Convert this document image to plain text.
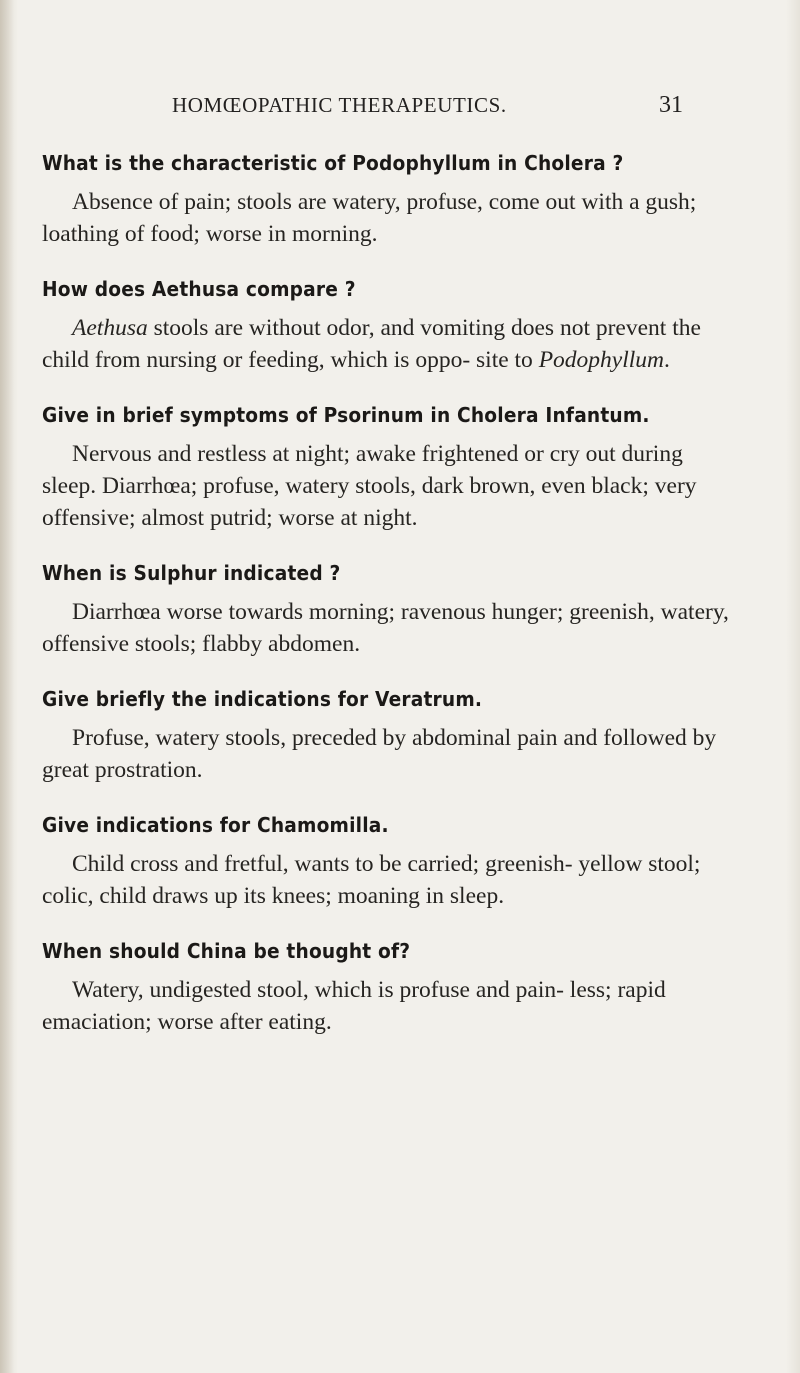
HOMŒOPATHIC THERAPEUTICS.	31
What is the characteristic of Podophyllum in Cholera ?

Absence of pain; stools are watery, profuse, come out with a gush; loathing of food; worse in morning.

How does Aethusa compare ?

Aethusa stools are without odor, and vomiting does not prevent the child from nursing or feeding, which is oppo- site to Podophyllum.

Give in brief symptoms of Psorinum in Cholera Infantum.

Nervous and restless at night; awake frightened or cry out during sleep. Diarrhœa; profuse, watery stools, dark brown, even black; very offensive; almost putrid; worse at night.

When is Sulphur indicated ?

Diarrhœa worse towards morning; ravenous hunger; greenish, watery, offensive stools; flabby abdomen.

Give briefly the indications for Veratrum.

Profuse, watery stools, preceded by abdominal pain and followed by great prostration.

Give indications for Chamomilla.

Child cross and fretful, wants to be carried; greenish- yellow stool; colic, child draws up its knees; moaning in sleep.

When should China be thought of?

Watery, undigested stool, which is profuse and pain- less; rapid emaciation; worse after eating.
